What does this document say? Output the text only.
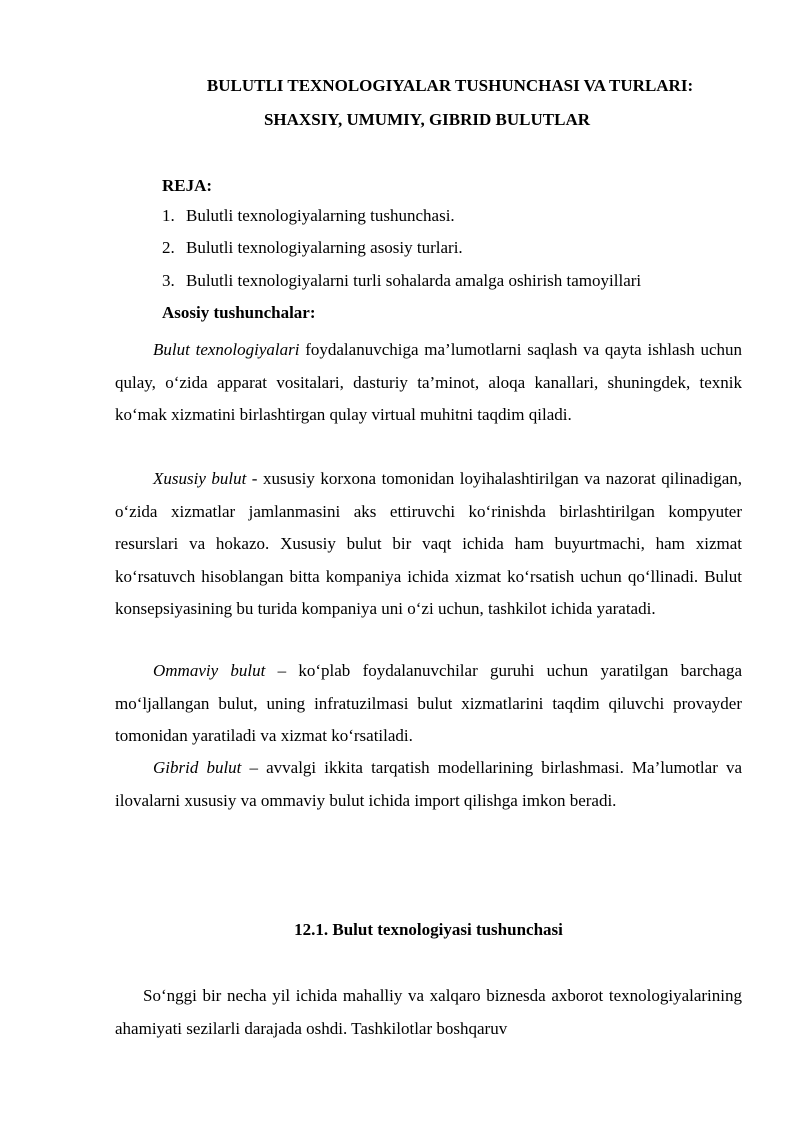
BULUTLI TEXNOLOGIYALAR TUSHUNCHASI VA TURLARI:
SHAXSIY, UMUMIY, GIBRID BULUTLAR
REJA:
1. Bulutli texnologiyalarning tushunchasi.
2. Bulutli texnologiyalarning asosiy turlari.
3. Bulutli texnologiyalarni turli sohalarda amalga oshirish tamoyillari
Asosiy tushunchalar:

Bulut texnologiyalari foydalanuvchiga ma’lumotlarni saqlash va qayta ishlash uchun qulay, o‘zida apparat vositalari, dasturiy ta’minot, aloqa kanallari, shuningdek, texnik ko‘mak xizmatini birlashtirgan qulay virtual muhitni taqdim qiladi.

Xususiy bulut - xususiy korxona tomonidan loyihalashtirilgan va nazorat qilinadigan, o‘zida xizmatlar jamlanmasini aks ettiruvchi ko‘rinishda birlashtirilgan kompyuter resurslari va hokazo. Xususiy bulut bir vaqt ichida ham buyurtmachi, ham xizmat ko‘rsatuvch hisoblangan bitta kompaniya ichida xizmat ko‘rsatish uchun qo‘llinadi. Bulut konsepsiyasining bu turida kompaniya uni o‘zi uchun, tashkilot ichida yaratadi.

Ommaviy bulut – ko‘plab foydalanuvchilar guruhi uchun yaratilgan barchaga mo‘ljallangan bulut, uning infratuzilmasi bulut xizmatlarini taqdim qiluvchi provayder tomonidan yaratiladi va xizmat ko‘rsatiladi.

Gibrid bulut – avvalgi ikkita tarqatish modellarining birlashmasi. Ma’lumotlar va ilovalarni xususiy va ommaviy bulut ichida import qilishga imkon beradi.

12.1. Bulut texnologiyasi tushunchasi

So‘nggi bir necha yil ichida mahalliy va xalqaro biznesda axborot texnologiyalarining ahamiyati sezilarli darajada oshdi. Tashkilotlar boshqaruv
